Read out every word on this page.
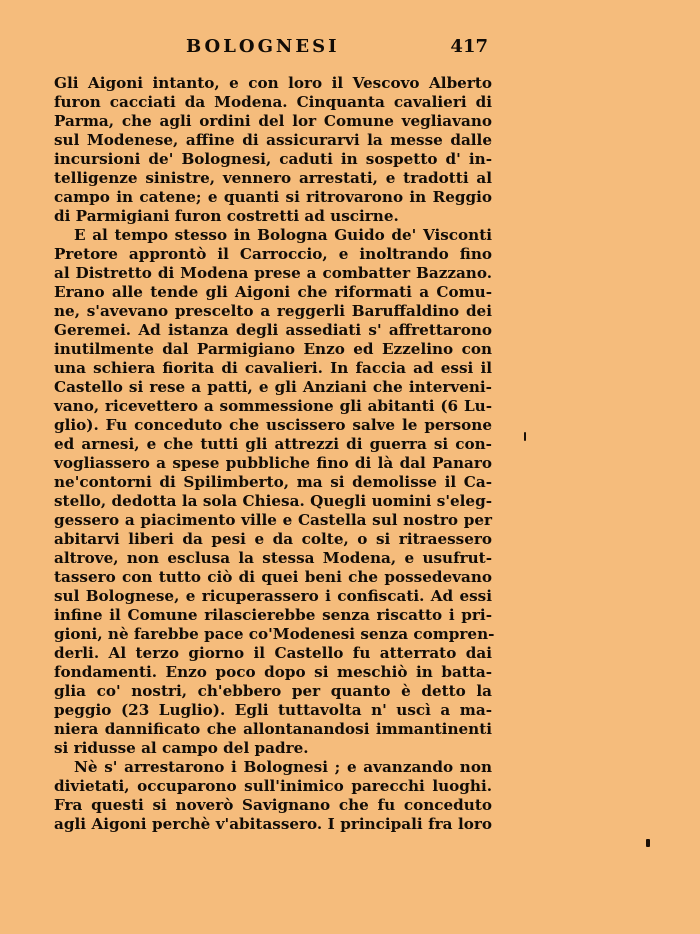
BOLOGNESI	417
Gli Aigoni intanto, e con loro il Vescovo Alberto
furon cacciati da Modena. Cinquanta cavalieri di
Parma, che agli ordini del lor Comune vegliavano
sul Modenese, affine di assicurarvi la messe dalle
incursioni de' Bolognesi, caduti in sospetto d' in-
telligenze sinistre, vennero arrestati, e tradotti al
campo in catene; e quanti si ritrovarono in Reggio
di Parmigiani furon costretti ad uscirne.
E al tempo stesso in Bologna Guido de' Visconti
Pretore approntò il Carroccio, e inoltrando fino
al Distretto di Modena prese a combatter Bazzano.
Erano alle tende gli Aigoni che riformati a Comu-
ne, s'avevano prescelto a reggerli Baruffaldino dei
Geremei. Ad istanza degli assediati s' affrettarono
inutilmente dal Parmigiano Enzo ed Ezzelino con
una schiera fiorita di cavalieri. In faccia ad essi il
Castello si rese a patti, e gli Anziani che interveni-
vano, ricevettero a sommessione gli abitanti (6 Lu-
glio). Fu conceduto che uscissero salve le persone
ed arnesi, e che tutti gli attrezzi di guerra si con-
vogliassero a spese pubbliche fino di là dal Panaro
ne'contorni di Spilimberto, ma si demolisse il Ca-
stello, dedotta la sola Chiesa. Quegli uomini s'eleg-
gessero a piacimento ville e Castella sul nostro per
abitarvi liberi da pesi e da colte, o si ritraessero
altrove, non esclusa la stessa Modena, e usufrut-
tassero con tutto ciò di quei beni che possedevano
sul Bolognese, e ricuperassero i confiscati. Ad essi
infine il Comune rilascierebbe senza riscatto i pri-
gioni, nè farebbe pace co'Modenesi senza compren-
derli. Al terzo giorno il Castello fu atterrato dai
fondamenti. Enzo poco dopo si meschiò in batta-
glia co' nostri, ch'ebbero per quanto è detto la
peggio (23 Luglio). Egli tuttavolta n' uscì a ma-
niera dannificato che allontanandosi immantinenti
si ridusse al campo del padre.
Nè s' arrestarono i Bolognesi ; e avanzando non
divietati, occuparono sull'inimico parecchi luoghi.
Fra questi si noverò Savignano che fu conceduto
agli Aigoni perchè v'abitassero. I principali fra loro
